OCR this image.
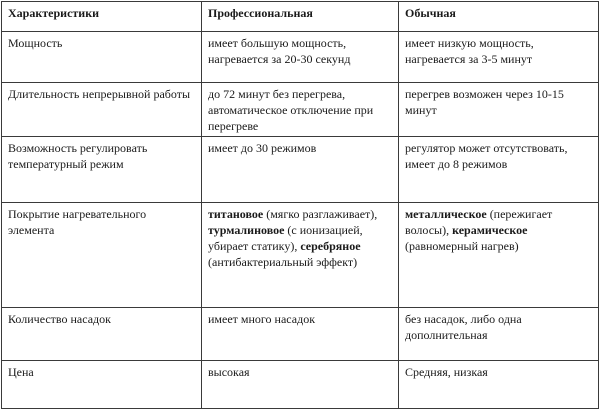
Характеристики	Профессиональная	Обычная
Мощность	имеет большую мощность, нагревается за 20-30 секунд	имеет низкую мощность, нагревается за 3-5 минут
Длительность непрерывной работы	до 72 минут без перегрева, автоматическое отключение при перегреве	перегрев возможен через 10-15 минут
Возможность регулировать температурный режим	имеет до 30 режимов	регулятор может отсутствовать, имеет до 8 режимов
Покрытие нагревательного элемента	титановое (мягко разглаживает), турмалиновое (с ионизацией, убирает статику), серебряное (антибактериальный эффект)	металлическое (пережигает волосы), керамическое (равномерный нагрев)
Количество насадок	имеет много насадок	без насадок, либо одна дополнительная
Цена	высокая	Средняя, низкая
